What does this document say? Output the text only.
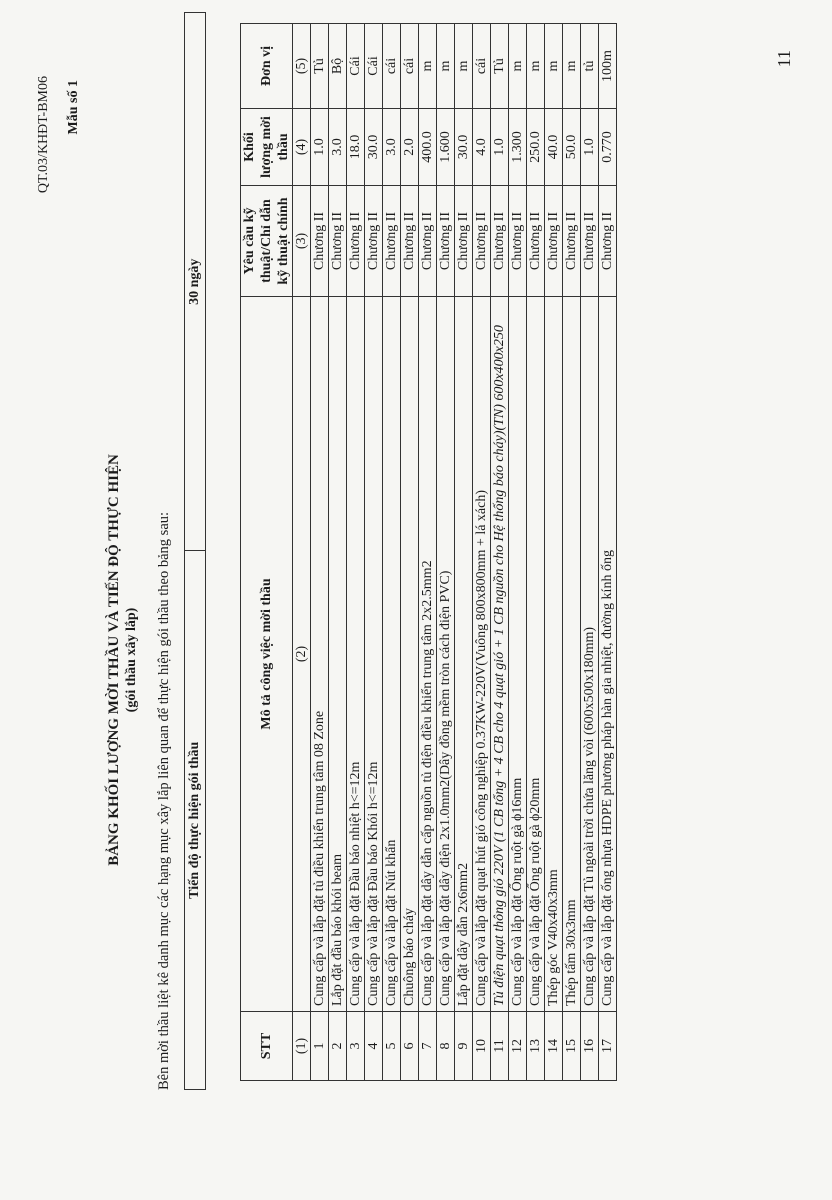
QT.03/KHĐT-BM06 Mẫu số 1
11
BẢNG KHỐI LƯỢNG MỜI THẦU VÀ TIẾN ĐỘ THỰC HIỆN (gói thầu xây lắp) Bên mời thầu liệt kê danh mục các hạng mục xây lắp liên quan để thực hiện gói thầu theo bảng sau: Tiến độ thực hiện gói thầu	30 ngày
STT	Mô tả công việc mời thầu	Yêu cầu kỹ thuật/Chỉ dẫn kỹ thuật chính	Khối lượng mời thầu	Đơn vị
(1)	(2)	(3)	(4)	(5)
1	Cung cấp và lắp đặt tủ điều khiển trung tâm 08 Zone	Chương II	1.0	Tủ
2	Lắp đặt đầu báo khói beam	Chương II	3.0	Bộ
3	Cung cấp và lắp đặt Đầu báo nhiệt h<=12m	Chương II	18.0	Cái
4	Cung cấp và lắp đặt Đầu báo Khói h<=12m	Chương II	30.0	Cái
5	Cung cấp và lắp đặt Nút khẩn	Chương II	3.0	cái
6	Chuông báo cháy	Chương II	2.0	cái
7	Cung cấp và lắp đặt dây dẫn cấp nguồn tủ điện điều khiển trung tâm 2x2.5mm2	Chương II	400.0	m
8	Cung cấp và lắp đặt dây điện 2x1.0mm2(Dây đồng mềm tròn cách điện PVC)	Chương II	1.600	m
9	Lắp đặt dây dẫn 2x6mm2	Chương II	30.0	m
10	Cung cấp và lắp đặt quạt hút gió công nghiệp 0.37KW-220V(Vuông 800x800mm + lá xách)	Chương II	4.0	cái
11	Tủ điện quạt thông gió 220V (1 CB tổng + 4 CB cho 4 quạt gió + 1 CB nguồn cho Hệ thống báo cháy)(TN) 600x400x250	Chương II	1.0	Tủ
12	Cung cấp và lắp đặt Ống ruột gà ϕ16mm	Chương II	1.300	m
13	Cung cấp và lắp đặt Ống ruột gà ϕ20mm	Chương II	250.0	m
14	Thép góc V40x40x3mm	Chương II	40.0	m
15	Thép tấm 30x3mm	Chương II	50.0	m
16	Cung cấp và lắp đặt Tủ ngoài trời chứa lăng vòi (600x500x180mm)	Chương II	1.0	tủ
17	Cung cấp và lắp đặt ống nhựa HDPE phương pháp hàn gia nhiệt, đường kính ống	Chương II	0.770	100m
